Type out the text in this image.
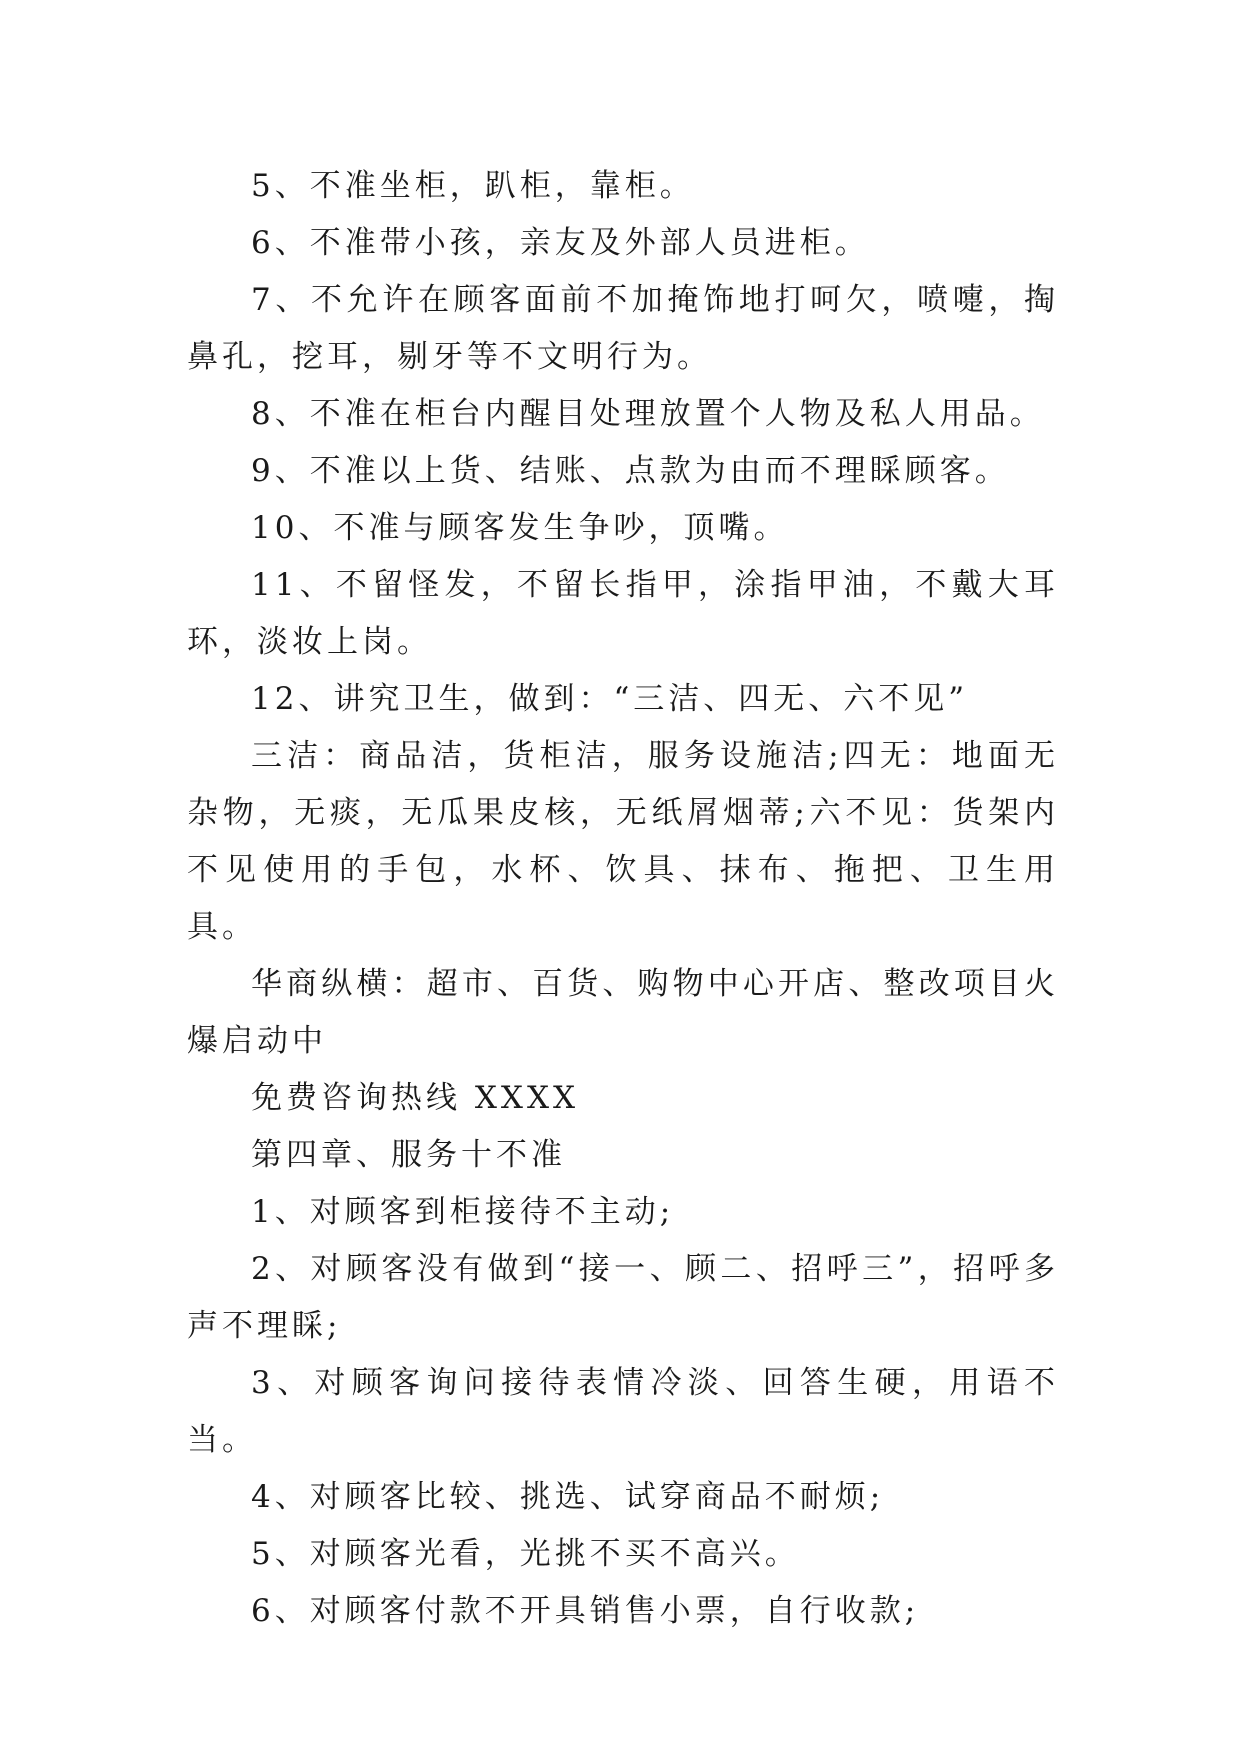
5、不准坐柜，趴柜，靠柜。

6、不准带小孩，亲友及外部人员进柜。

7、不允许在顾客面前不加掩饰地打呵欠，喷嚏，掏鼻孔，挖耳，剔牙等不文明行为。

8、不准在柜台内醒目处理放置个人物及私人用品。

9、不准以上货、结账、点款为由而不理睬顾客。

10、不准与顾客发生争吵，顶嘴。

11、不留怪发，不留长指甲，涂指甲油，不戴大耳环，淡妆上岗。

12、讲究卫生，做到：“三洁、四无、六不见”

三洁：商品洁，货柜洁，服务设施洁;四无：地面无杂物，无痰，无瓜果皮核，无纸屑烟蒂;六不见：货架内不见使用的手包，水杯、饮具、抹布、拖把、卫生用具。

华商纵横：超市、百货、购物中心开店、整改项目火爆启动中

免费咨询热线 XXXX

第四章、服务十不准

1、对顾客到柜接待不主动;

2、对顾客没有做到“接一、顾二、招呼三”，招呼多声不理睬;

3、对顾客询问接待表情冷淡、回答生硬，用语不当。

4、对顾客比较、挑选、试穿商品不耐烦;

5、对顾客光看，光挑不买不高兴。

6、对顾客付款不开具销售小票，自行收款;
